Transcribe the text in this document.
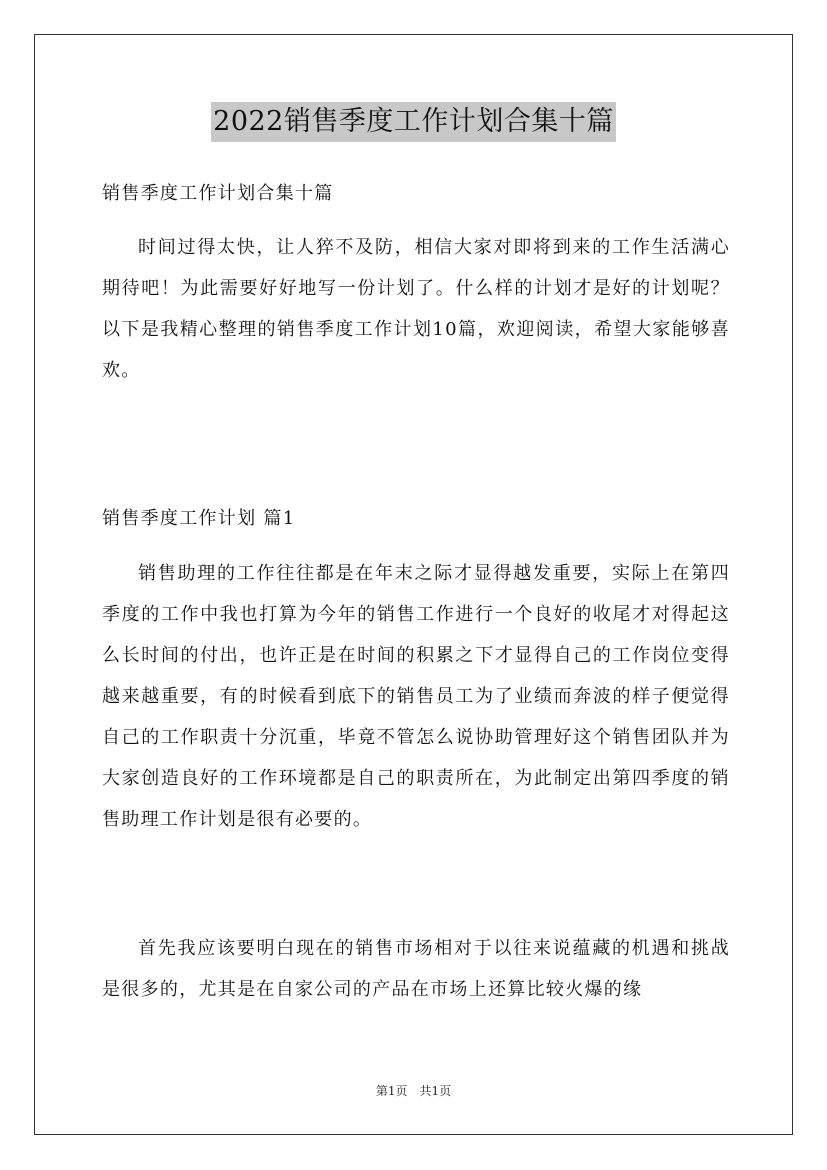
2022销售季度工作计划合集十篇
销售季度工作计划合集十篇
时间过得太快，让人猝不及防，相信大家对即将到来的工作生活满心期待吧！为此需要好好地写一份计划了。什么样的计划才是好的计划呢？以下是我精心整理的销售季度工作计划10篇，欢迎阅读，希望大家能够喜欢。
销售季度工作计划 篇1
销售助理的工作往往都是在年末之际才显得越发重要，实际上在第四季度的工作中我也打算为今年的销售工作进行一个良好的收尾才对得起这么长时间的付出，也许正是在时间的积累之下才显得自己的工作岗位变得越来越重要，有的时候看到底下的销售员工为了业绩而奔波的样子便觉得自己的工作职责十分沉重，毕竟不管怎么说协助管理好这个销售团队并为大家创造良好的工作环境都是自己的职责所在，为此制定出第四季度的销售助理工作计划是很有必要的。
首先我应该要明白现在的销售市场相对于以往来说蕴藏的机遇和挑战是很多的，尤其是在自家公司的产品在市场上还算比较火爆的缘
第1页　共1页
